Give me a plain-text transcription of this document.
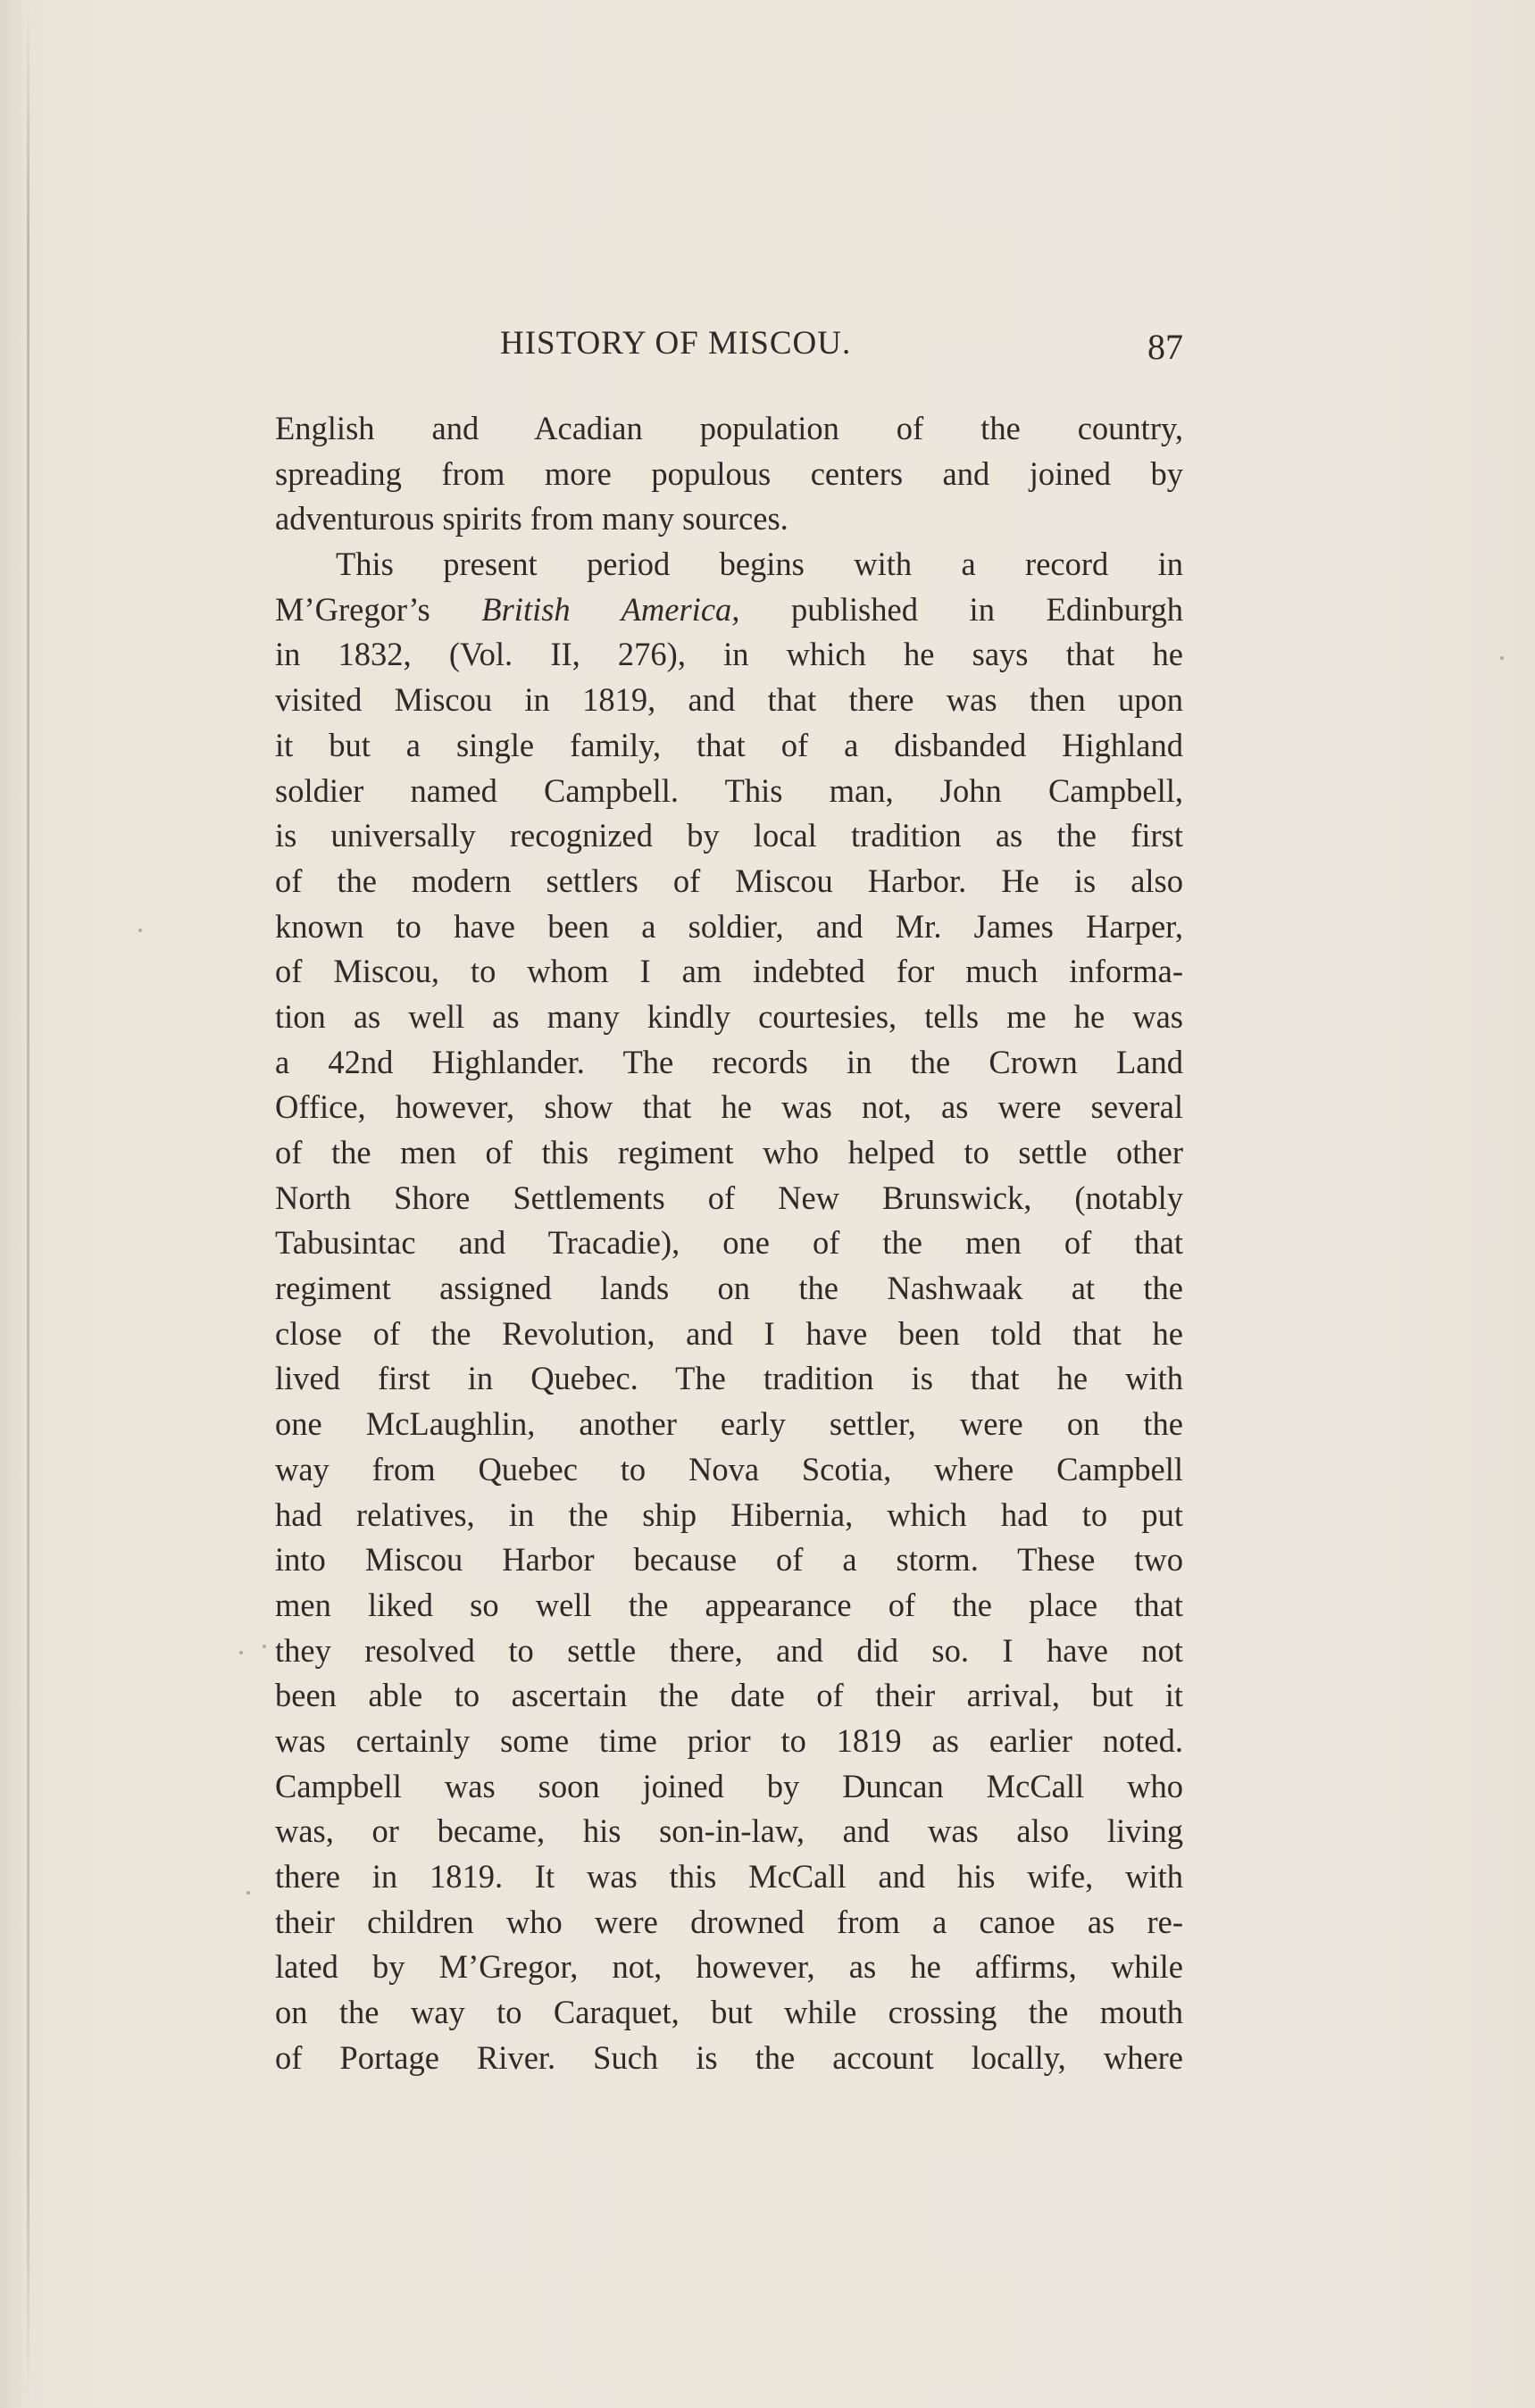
HISTORY OF MISCOU.	87
English and Acadian population of the country,
spreading from more populous centers and joined by
adventurous spirits from many sources.
This present period begins with a record in
M’Gregor’s British America, published in Edinburgh
in 1832, (Vol. II, 276), in which he says that he
visited Miscou in 1819, and that there was then upon
it but a single family, that of a disbanded Highland
soldier named Campbell. This man, John Campbell,
is universally recognized by local tradition as the first
of the modern settlers of Miscou Harbor. He is also
known to have been a soldier, and Mr. James Harper,
of Miscou, to whom I am indebted for much informa-
tion as well as many kindly courtesies, tells me he was
a 42nd Highlander. The records in the Crown Land
Office, however, show that he was not, as were several
of the men of this regiment who helped to settle other
North Shore Settlements of New Brunswick, (notably
Tabusintac and Tracadie), one of the men of that
regiment assigned lands on the Nashwaak at the
close of the Revolution, and I have been told that he
lived first in Quebec. The tradition is that he with
one McLaughlin, another early settler, were on the
way from Quebec to Nova Scotia, where Campbell
had relatives, in the ship Hibernia, which had to put
into Miscou Harbor because of a storm. These two
men liked so well the appearance of the place that
they resolved to settle there, and did so. I have not
been able to ascertain the date of their arrival, but it
was certainly some time prior to 1819 as earlier noted.
Campbell was soon joined by Duncan McCall who
was, or became, his son-in-law, and was also living
there in 1819. It was this McCall and his wife, with
their children who were drowned from a canoe as re-
lated by M’Gregor, not, however, as he affirms, while
on the way to Caraquet, but while crossing the mouth
of Portage River. Such is the account locally, where
